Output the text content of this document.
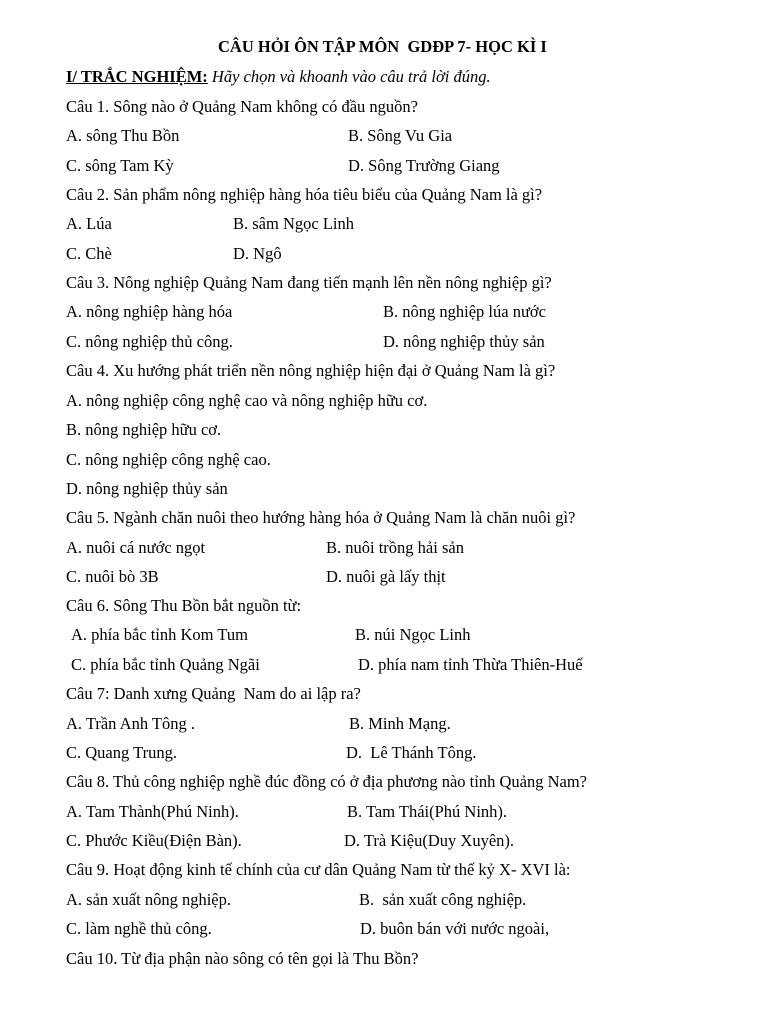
CÂU HỎI ÔN TẬP MÔN  GDĐP 7- HỌC KÌ I
I/ TRẮC NGHIỆM: Hãy chọn và khoanh vào câu trả lời đúng.
Câu 1. Sông nào ở Quảng Nam không có đầu nguồn?
A. sông Thu Bồn	B. Sông Vu Gia
C. sông Tam Kỳ	D. Sông Trường Giang
Câu 2. Sản phẩm nông nghiệp hàng hóa tiêu biểu của Quảng Nam là gì?
A. Lúa	B. sâm Ngọc Linh
C. Chè	D. Ngô
Câu 3. Nông nghiệp Quảng Nam đang tiến mạnh lên nền nông nghiệp gì?
A. nông nghiệp hàng hóa	B. nông nghiệp lúa nước
C. nông nghiệp thủ công.	D. nông nghiệp thủy sản
Câu 4. Xu hướng phát triển nền nông nghiệp hiện đại ở Quảng Nam là gì?
A. nông nghiệp công nghệ cao và nông nghiệp hữu cơ.
B. nông nghiệp hữu cơ.
C. nông nghiệp công nghệ cao.
D. nông nghiệp thủy sản
Câu 5. Ngành chăn nuôi theo hướng hàng hóa ở Quảng Nam là chăn nuôi gì?
A. nuôi cá nước ngọt	B. nuôi trồng hải sản
C. nuôi bò 3B	D. nuôi gà lấy thịt
Câu 6. Sông Thu Bồn bắt nguồn từ:
A. phía bắc tỉnh Kom Tum	B. núi Ngọc Linh
C. phía bắc tỉnh Quảng Ngãi	D. phía nam tỉnh Thừa Thiên-Huế
Câu 7: Danh xưng Quảng  Nam do ai lập ra?
A. Trần Anh Tông .	B. Minh Mạng.
C. Quang Trung.	D.  Lê Thánh Tông.
Câu 8. Thủ công nghiệp nghề đúc đồng có ở địa phương nào tỉnh Quảng Nam?
A. Tam Thành(Phú Ninh).	B. Tam Thái(Phú Ninh).
C. Phước Kiều(Điện Bàn).	D. Trà Kiệu(Duy Xuyên).
Câu 9. Hoạt động kinh tế chính của cư dân Quảng Nam từ thế kỷ X- XVI là:
A. sản xuất nông nghiệp.	B.  sản xuất công nghiệp.
C. làm nghề thủ công.	D. buôn bán với nước ngoài,
Câu 10. Từ địa phận nào sông có tên gọi là Thu Bồn?
